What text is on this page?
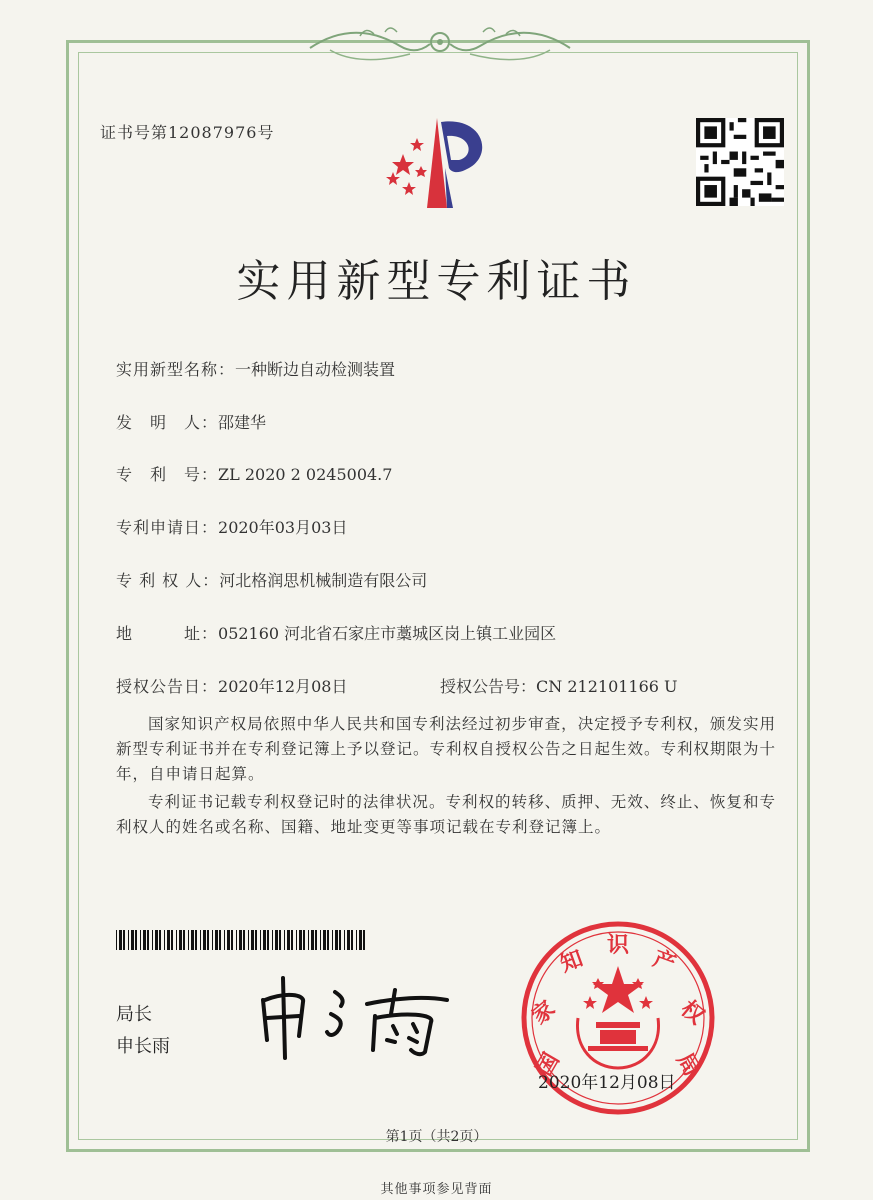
证书号第12087976号
实用新型专利证书
实用新型名称：一种断边自动检测装置
发　明　人：邵建华
专　利　号：ZL 2020 2 0245004.7
专利申请日：2020年03月03日
专 利 权 人：河北格润思机械制造有限公司
地　　　址：052160 河北省石家庄市藁城区岗上镇工业园区
授权公告日：2020年12月08日	授权公告号：CN 212101166 U

国家知识产权局依照中华人民共和国专利法经过初步审查，决定授予专利权，颁发实用新型专利证书并在专利登记簿上予以登记。专利权自授权公告之日起生效。专利权期限为十年，自申请日起算。

专利证书记载专利权登记时的法律状况。专利权的转移、质押、无效、终止、恢复和专利权人的姓名或名称、国籍、地址变更等事项记载在专利登记簿上。

局长
申长雨
国
家
知
识
产
权
局
2020年12月08日
第1页（共2页）
其他事项参见背面
